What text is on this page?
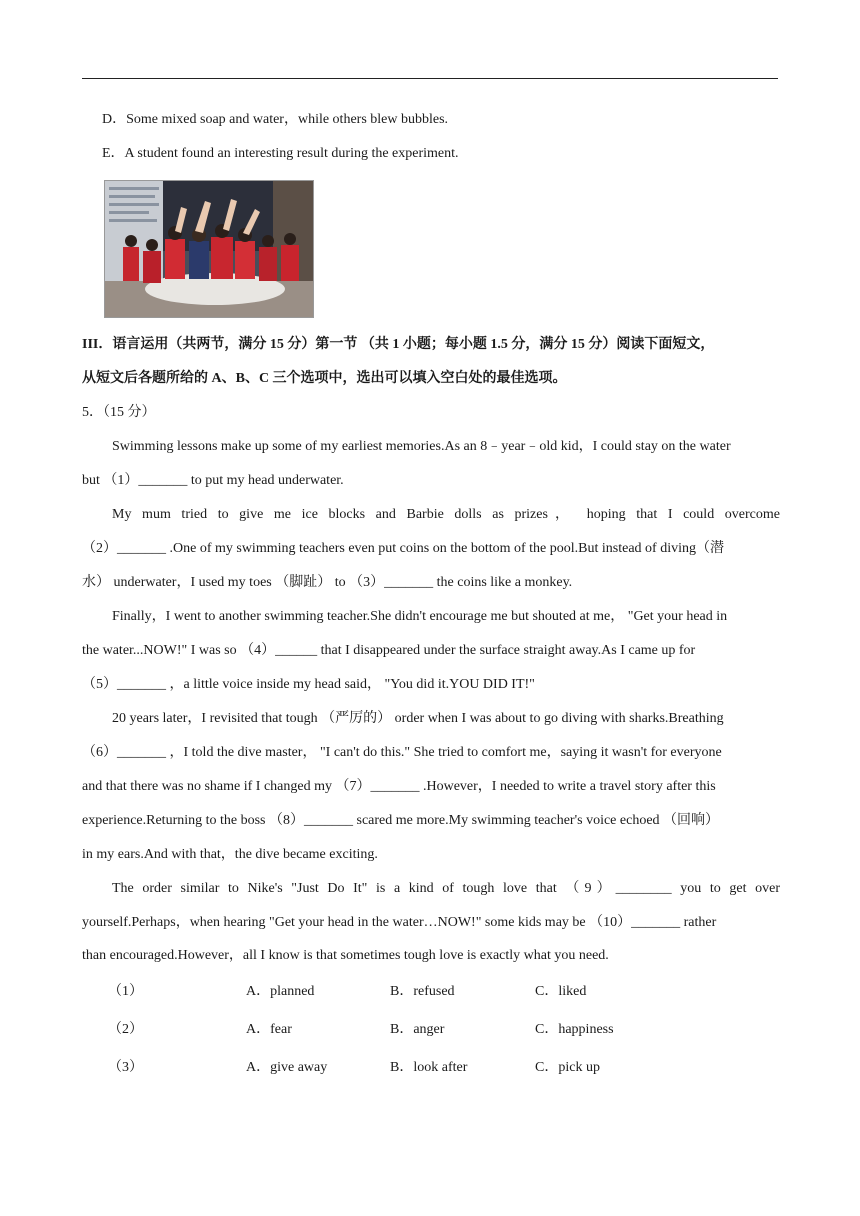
D．Some mixed soap and water，while others blew bubbles.
E．A student found an interesting result during the experiment.
III．语言运用（共两节，满分 15 分）第一节 （共 1 小题；每小题 1.5 分，满分 15 分）阅读下面短文，
从短文后各题所给的 A、B、C 三个选项中，选出可以填入空白处的最佳选项。
5．（15 分）
Swimming lessons make up some of my earliest memories.As an 8﹣year﹣old kid，I could stay on the water
but （1）_______ to put my head underwater.
My mum tried to give me ice blocks and Barbie dolls as prizes， hoping that I could overcome
（2）_______ .One of my swimming teachers even put coins on the bottom of the pool.But instead of diving（潜
水） underwater，I used my toes （脚趾） to （3）_______ the coins like a monkey.
Finally，I went to another swimming teacher.She didn't encourage me but shouted at me， "Get your head in
the water...NOW!" I was so （4）______ that I disappeared under the surface straight away.As I came up for
（5）_______ ，a little voice inside my head said， "You did it.YOU DID IT!"
20 years later，I revisited that tough （严厉的） order when I was about to go diving with sharks.Breathing
（6）_______ ，I told the dive master， "I can't do this." She tried to comfort me，saying it wasn't for everyone
and that there was no shame if I changed my （7）_______ .However，I needed to write a travel story after this
experience.Returning to the boss （8）_______ scared me more.My swimming teacher's voice echoed （回响）
in my ears.And with that，the dive became exciting.
The order similar to Nike's "Just Do It" is a kind of tough love that （9）________ you to get over
yourself.Perhaps，when hearing "Get your head in the water…NOW!" some kids may be （10）_______ rather
than encouraged.However，all I know is that sometimes tough love is exactly what you need.
（1）	A．planned	B．refused	C．liked
（2）	A．fear	B．anger	C．happiness
（3）	A．give away	B．look after	C．pick up
